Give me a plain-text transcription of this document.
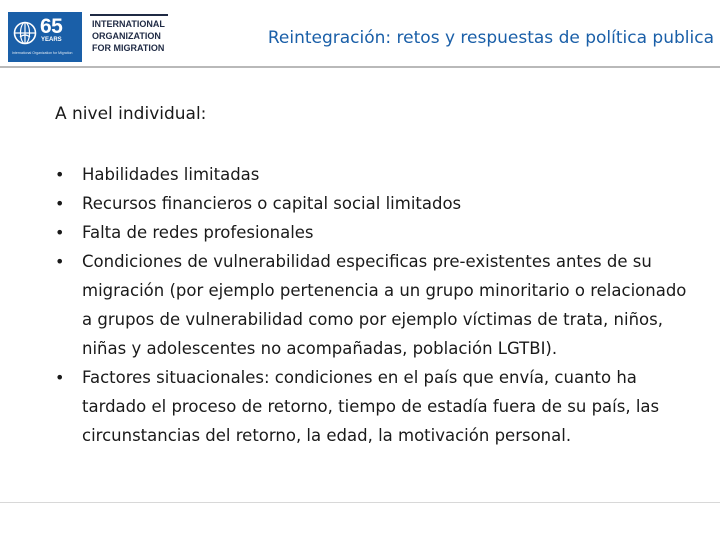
65
YEARS
International Organization for Migration
INTERNATIONAL
ORGANIZATION
FOR MIGRATION	Reintegración: retos y respuestas de política publica
A nivel individual:
• Habilidades limitadas
• Recursos financieros o capital social limitados
• Falta de redes profesionales
• Condiciones de vulnerabilidad especificas pre-existentes antes de su migración (por ejemplo pertenencia a un grupo minoritario o relacionado a grupos de vulnerabilidad como por ejemplo víctimas de trata, niños, niñas y adolescentes no acompañadas, población LGTBI).
• Factores situacionales: condiciones en el país que envía, cuanto ha tardado el proceso de retorno, tiempo de estadía fuera de su país, las circunstancias del retorno, la edad, la motivación personal.
